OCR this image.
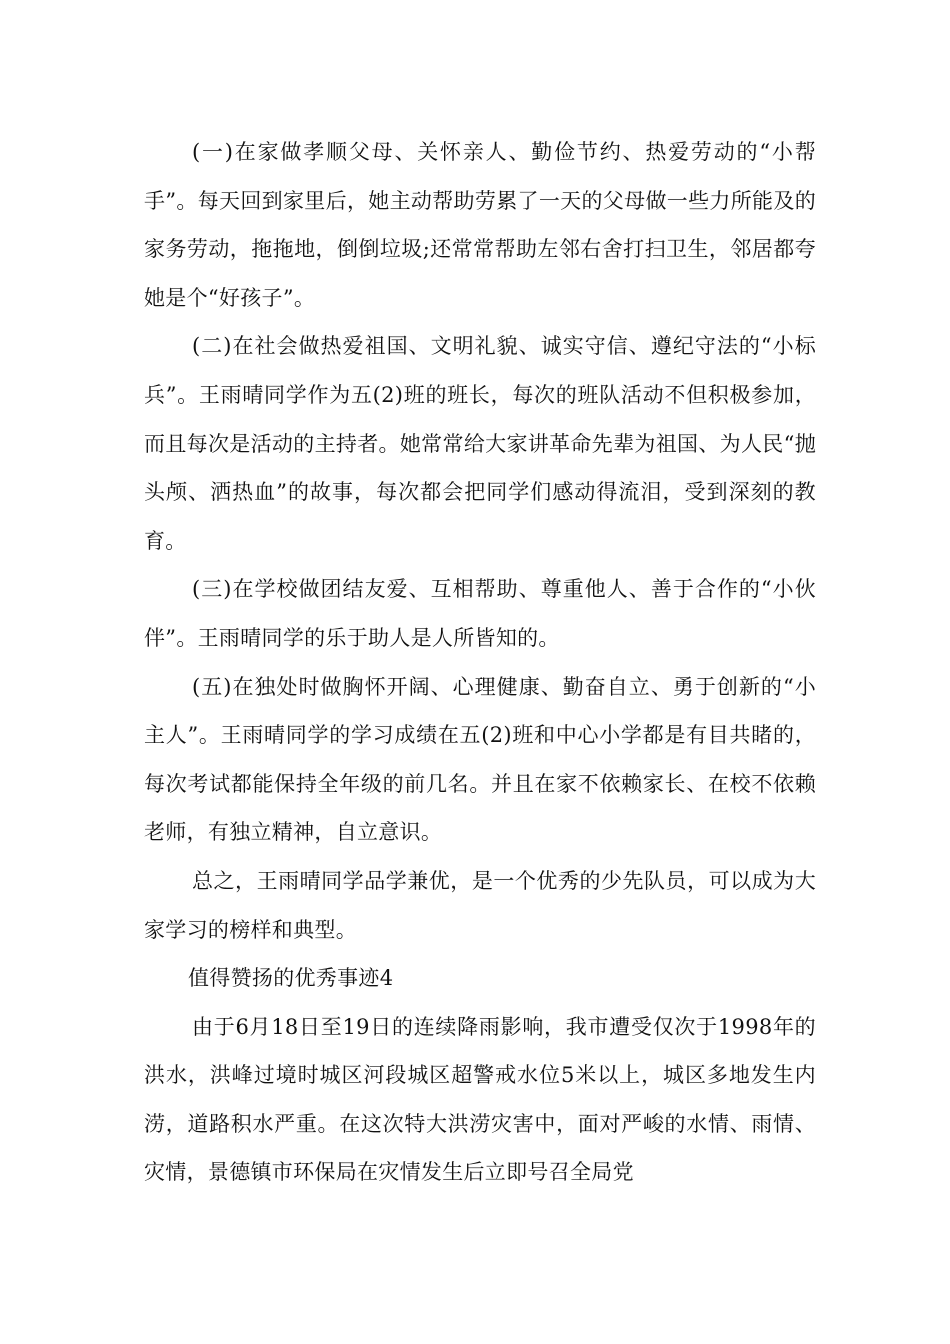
(一)在家做孝顺父母、关怀亲人、勤俭节约、热爱劳动的“小帮手”。每天回到家里后，她主动帮助劳累了一天的父母做一些力所能及的家务劳动，拖拖地，倒倒垃圾;还常常帮助左邻右舍打扫卫生，邻居都夸她是个“好孩子”。

(二)在社会做热爱祖国、文明礼貌、诚实守信、遵纪守法的“小标兵”。王雨晴同学作为五(2)班的班长，每次的班队活动不但积极参加，而且每次是活动的主持者。她常常给大家讲革命先辈为祖国、为人民“抛头颅、洒热血”的故事，每次都会把同学们感动得流泪，受到深刻的教育。

(三)在学校做团结友爱、互相帮助、尊重他人、善于合作的“小伙伴”。王雨晴同学的乐于助人是人所皆知的。

(五)在独处时做胸怀开阔、心理健康、勤奋自立、勇于创新的“小主人”。王雨晴同学的学习成绩在五(2)班和中心小学都是有目共睹的，每次考试都能保持全年级的前几名。并且在家不依赖家长、在校不依赖老师，有独立精神，自立意识。

总之，王雨晴同学品学兼优，是一个优秀的少先队员，可以成为大家学习的榜样和典型。

值得赞扬的优秀事迹4

由于6月18日至19日的连续降雨影响，我市遭受仅次于1998年的洪水，洪峰过境时城区河段城区超警戒水位5米以上，城区多地发生内涝，道路积水严重。在这次特大洪涝灾害中，面对严峻的水情、雨情、灾情，景德镇市环保局在灾情发生后立即号召全局党
